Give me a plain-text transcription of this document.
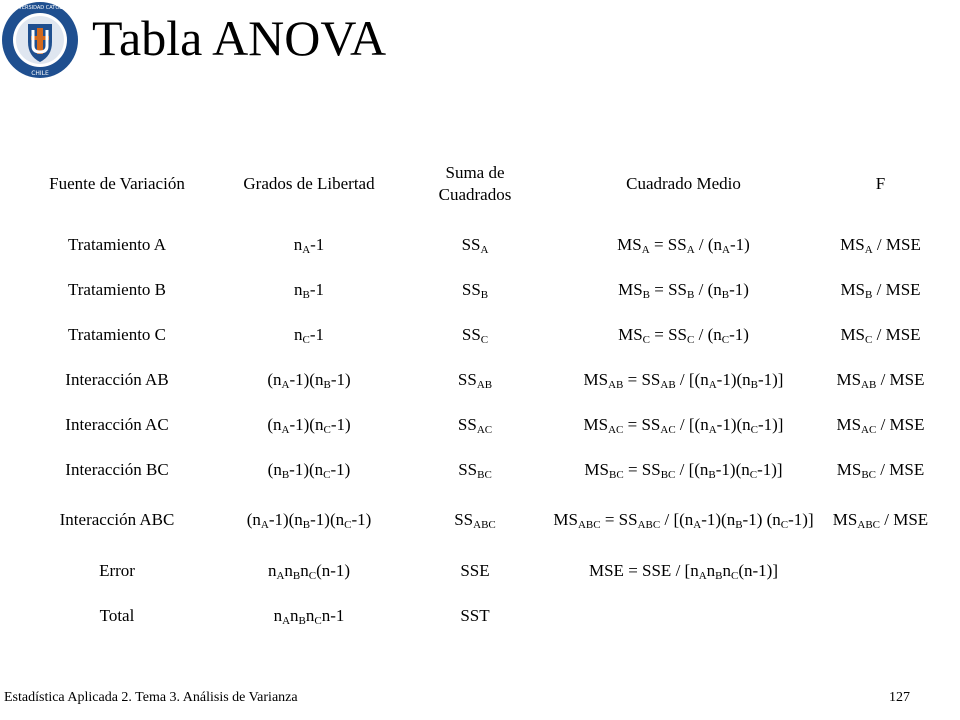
UNIVERSIDAD CATOLICA
CHILE
Tabla ANOVA
Fuente de Variación	Grados de Libertad	Suma de Cuadrados	Cuadrado Medio	F
Tratamiento A	$n_A-1$	$SS_A$	$MS_A = SS_A / (n_A-1)$	$MS_A$ / MSE
Tratamiento B	$n_B-1$	$SS_B$	$MS_B = SS_B / (n_B-1)$	$MS_B$ / MSE
Tratamiento C	$n_C-1$	$SS_C$	$MS_C = SS_C / (n_C-1)$	$MS_C$ / MSE
Interacción AB	$(n_A-1)(n_B-1)$	$SS_{AB}$	$MS_{AB} = SS_{AB} / [(n_A-1)(n_B-1)]$	$MS_{AB}$ / MSE
Interacción AC	$(n_A-1)(n_C-1)$	$SS_{AC}$	$MS_{AC} = SS_{AC} / [(n_A-1)(n_C-1)]$	$MS_{AC}$ / MSE
Interacción BC	$(n_B-1)(n_C-1)$	$SS_{BC}$	$MS_{BC} = SS_{BC} / [(n_B-1)(n_C-1)]$	$MS_{BC}$ / MSE
Interacción ABC	$(n_A-1)(n_B-1)(n_C-1)$	$SS_{ABC}$	$MS_{ABC} = SS_{ABC} / [(n_A-1)(n_B-1)$ $(n_C-1)$]	$MS_{ABC}$ / MSE
Error	$n_An_Bn_C(n-1)$	SSE	MSE = SSE / $[n_An_Bn_C(n-1)]$	
Total	$n_An_Bn_Cn-1$	SST		
Estadística Aplicada 2. Tema 3. Análisis de Varianza	127
